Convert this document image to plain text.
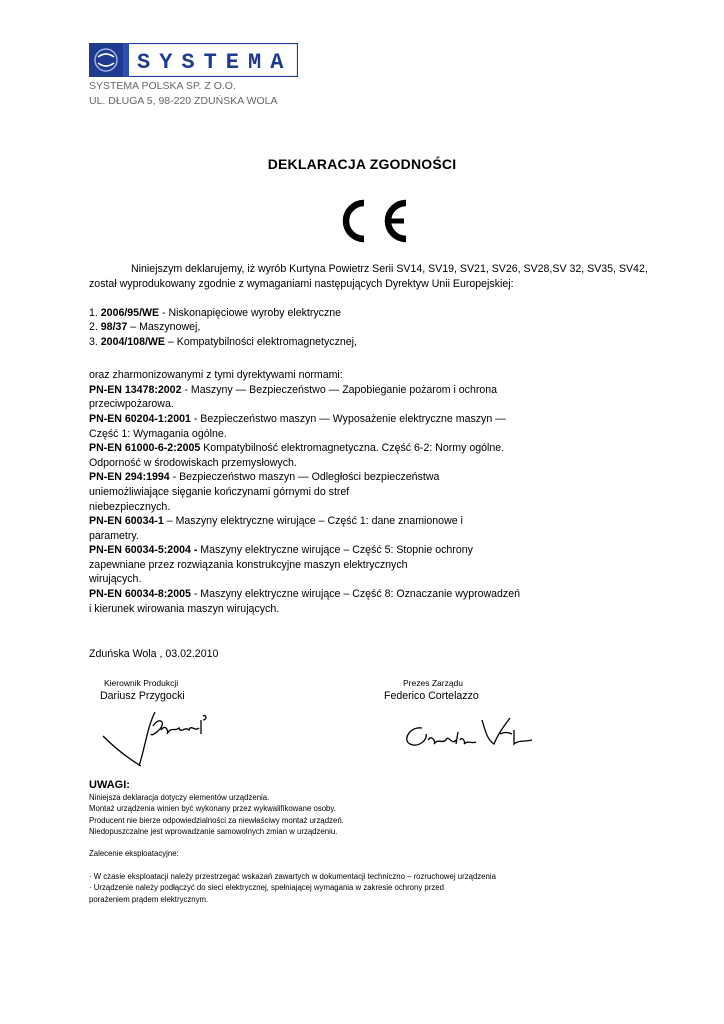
SYSTEMA
SYSTEMA POLSKA SP. Z O.O.
UL. DŁUGA 5, 98-220 ZDUŃSKA WOLA
DEKLARACJA ZGODNOŚCI

Niniejszym deklarujemy, iż wyrób Kurtyna Powietrz Serii SV14, SV19, SV21, SV26, SV28,SV 32, SV35, SV42,

został wyprodukowany zgodnie z wymaganiami następujących Dyrektyw Unii Europejskiej:

1. 2006/95/WE - Niskonapięciowe wyroby elektryczne

2. 98/37 – Maszynowej,

3. 2004/108/WE – Kompatybilności elektromagnetycznej,

oraz zharmonizowanymi z tymi dyrektywami normami:

PN-EN 13478:2002 - Maszyny — Bezpieczeństwo — Zapobieganie pożarom i ochrona

przeciwpożarowa.

PN-EN 60204-1:2001 - Bezpieczeństwo maszyn — Wyposażenie elektryczne maszyn —

Część 1: Wymagania ogólne.

PN-EN 61000-6-2:2005 Kompatybilność elektromagnetyczna. Część 6-2: Normy ogólne.

Odporność w środowiskach przemysłowych.

PN-EN 294:1994 - Bezpieczeństwo maszyn — Odległości bezpieczeństwa

uniemożliwiające sięganie kończynami górnymi do stref

niebezpiecznych.

PN-EN 60034-1 – Maszyny elektryczne wirujące – Część 1: dane znamionowe i

parametry.

PN-EN 60034-5:2004 - Maszyny elektryczne wirujące – Część 5: Stopnie ochrony

zapewniane przez rozwiązania konstrukcyjne maszyn elektrycznych

wirujących.

PN-EN 60034-8:2005 - Maszyny elektryczne wirujące – Część 8: Oznaczanie wyprowadzeń

i kierunek wirowania maszyn wirujących.

Zduńska Wola , 03.02.2010
Kierownik Produkcji
Dariusz Przygocki
Prezes Zarządu
Federico Cortelazzo
UWAGI:
Niniejsza deklaracja dotyczy elementów urządzenia.
Montaż urządzenia winien być wykonany przez wykwalifikowane osoby.
Producent nie bierze odpowiedzialności za niewłaściwy montaż urządzeń.
Niedopuszczalne jest wprowadzanie samowolnych zmian w urządzeniu.
Zalecenie eksploatacyjne:
· W czasie eksploatacji należy przestrzegać wskazań zawartych w dokumentacji techniczno – rozruchowej urządzenia
· Urządzenie należy podłączyć do sieci elektrycznej, spełniającej wymagania w zakresie ochrony przed
porażeniem prądem elektrycznym.
